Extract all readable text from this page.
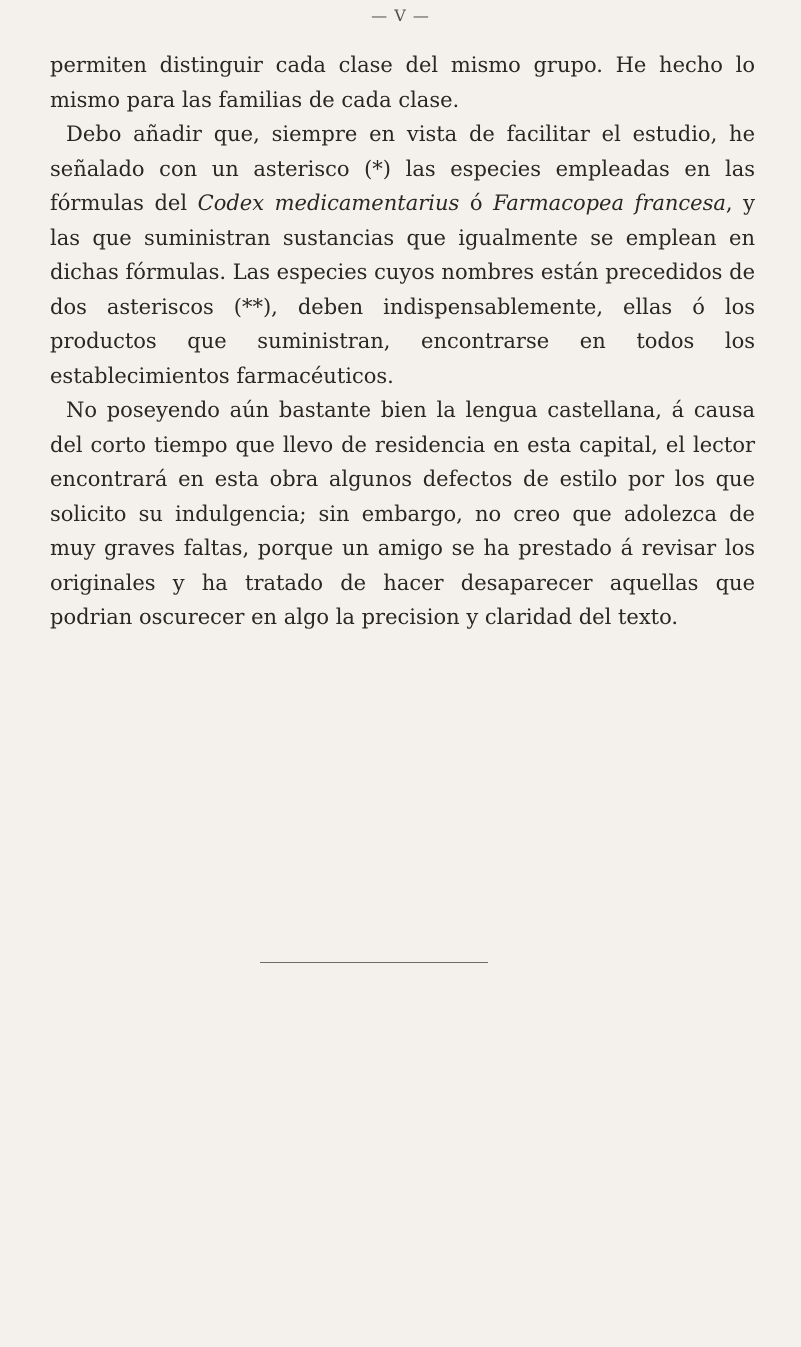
— V —

permiten distinguir cada clase del mismo grupo. He hecho lo mismo para las familias de cada clase.

Debo añadir que, siempre en vista de facilitar el estudio, he señalado con un asterisco (*) las especies empleadas en las fórmulas del Codex medicamentarius ó Farmacopea francesa, y las que suministran sustancias que igualmente se emplean en dichas fórmulas. Las especies cuyos nombres están precedidos de dos asteriscos (**), deben indispensablemente, ellas ó los productos que suministran, encontrarse en todos los establecimientos farmacéuticos.

No poseyendo aún bastante bien la lengua castellana, á causa del corto tiempo que llevo de residencia en esta capital, el lector encontrará en esta obra algunos defectos de estilo por los que solicito su indulgencia; sin embargo, no creo que adolezca de muy graves faltas, porque un amigo se ha prestado á revisar los originales y ha tratado de hacer desaparecer aquellas que podrian oscurecer en algo la precision y claridad del texto.
